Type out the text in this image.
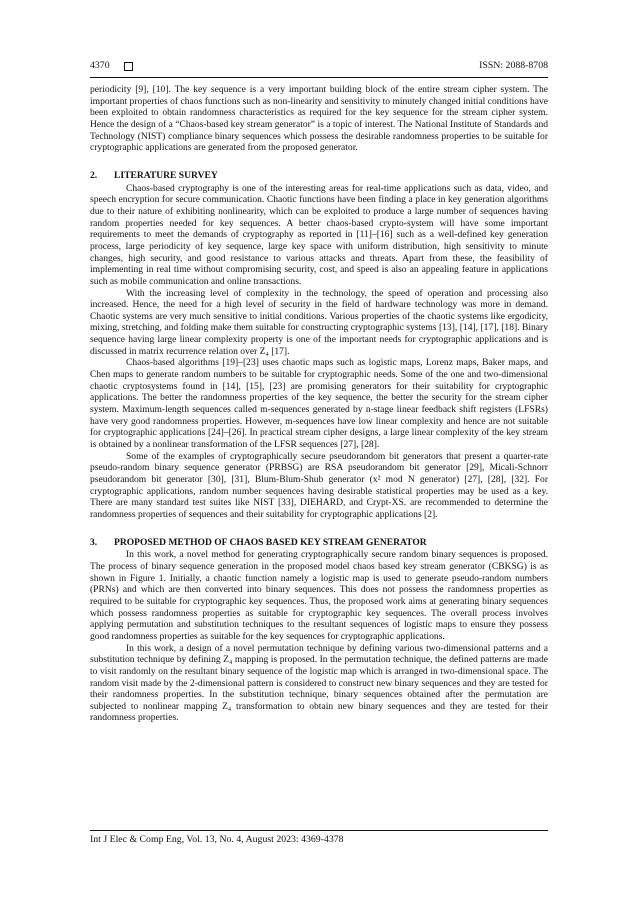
4370	ISSN: 2088-8708

periodicity [9], [10]. The key sequence is a very important building block of the entire stream cipher system. The important properties of chaos functions such as non-linearity and sensitivity to minutely changed initial conditions have been exploited to obtain randomness characteristics as required for the key sequence for the stream cipher system. Hence the design of a “Chaos-based key stream generator” is a topic of interest. The National Institute of Standards and Technology (NIST) compliance binary sequences which possess the desirable randomness properties to be suitable for cryptographic applications are generated from the proposed generator.

2.	LITERATURE SURVEY

Chaos-based cryptography is one of the interesting areas for real-time applications such as data, video, and speech encryption for secure communication. Chaotic functions have been finding a place in key generation algorithms due to their nature of exhibiting nonlinearity, which can be exploited to produce a large number of sequences having random properties needed for key sequences. A better chaos-based crypto-system will have some important requirements to meet the demands of cryptography as reported in [11]–[16] such as a well-defined key generation process, large periodicity of key sequence, large key space with uniform distribution, high sensitivity to minute changes, high security, and good resistance to various attacks and threats. Apart from these, the feasibility of implementing in real time without compromising security, cost, and speed is also an appealing feature in applications such as mobile communication and online transactions.

With the increasing level of complexity in the technology, the speed of operation and processing also increased. Hence, the need for a high level of security in the field of hardware technology was more in demand. Chaotic systems are very much sensitive to initial conditions. Various properties of the chaotic systems like ergodicity, mixing, stretching, and folding make them suitable for constructing cryptographic systems [13], [14], [17], [18]. Binary sequence having large linear complexity property is one of the important needs for cryptographic applications and is discussed in matrix recurrence relation over Z₄ [17].

Chaos-based algorithms [19]–[23] uses chaotic maps such as logistic maps, Lorenz maps, Baker maps, and Chen maps to generate random numbers to be suitable for cryptographic needs. Some of the one and two-dimensional chaotic cryptosystems found in [14], [15], [23] are promising generators for their suitability for cryptographic applications. The better the randomness properties of the key sequence, the better the security for the stream cipher system. Maximum-length sequences called m-sequences generated by n-stage linear feedback shift registers (LFSRs) have very good randomness properties. However, m-sequences have low linear complexity and hence are not suitable for cryptographic applications [24]–[26]. In practical stream cipher designs, a large linear complexity of the key stream is obtained by a nonlinear transformation of the LFSR sequences [27], [28].

Some of the examples of cryptographically secure pseudorandom bit generators that present a quarter-rate pseudo-random binary sequence generator (PRBSG) are RSA pseudorandom bit generator [29], Micali-Schnorr pseudorandom bit generator [30], [31], Blum-Blum-Shub generator (x² mod N generator) [27], [28], [32]. For cryptographic applications, random number sequences having desirable statistical properties may be used as a key. There are many standard test suites like NIST [33], DIEHARD, and Crypt-XS. are recommended to determine the randomness properties of sequences and their suitability for cryptographic applications [2].

3.	PROPOSED METHOD OF CHAOS BASED KEY STREAM GENERATOR

In this work, a novel method for generating cryptographically secure random binary sequences is proposed. The process of binary sequence generation in the proposed model chaos based key stream generator (CBKSG) is as shown in Figure 1. Initially, a chaotic function namely a logistic map is used to generate pseudo-random numbers (PRNs) and which are then converted into binary sequences. This does not possess the randomness properties as required to be suitable for cryptographic key sequences. Thus, the proposed work aims at generating binary sequences which possess randomness properties as suitable for cryptographic key sequences. The overall process involves applying permutation and substitution techniques to the resultant sequences of logistic maps to ensure they possess good randomness properties as suitable for the key sequences for cryptographic applications.

In this work, a design of a novel permutation technique by defining various two-dimensional patterns and a substitution technique by defining Z₄ mapping is proposed. In the permutation technique, the defined patterns are made to visit randomly on the resultant binary sequence of the logistic map which is arranged in two-dimensional space. The random visit made by the 2-dimensional pattern is considered to construct new binary sequences and they are tested for their randomness properties. In the substitution technique, binary sequences obtained after the permutation are subjected to nonlinear mapping Z₄ transformation to obtain new binary sequences and they are tested for their randomness properties.

Int J Elec & Comp Eng, Vol. 13, No. 4, August 2023: 4369-4378
